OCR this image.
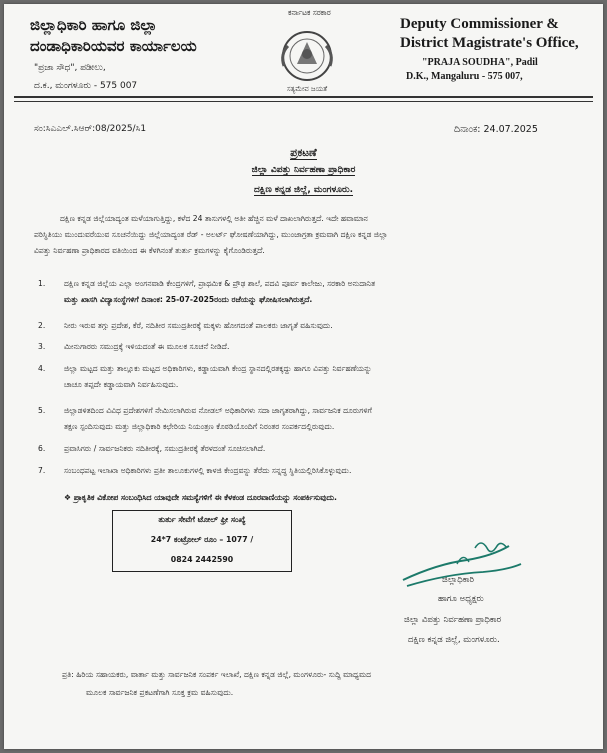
ಜಿಲ್ಲಾಧಿಕಾರಿ ಹಾಗೂ ಜಿಲ್ಲಾ
ದಂಡಾಧಿಕಾರಿಯವರ ಕಾರ್ಯಾಲಯ
"ಪ್ರಜಾ ಸೌಧ", ಪಡೀಲು,
ದ.ಕ., ಮಂಗಳೂರು - 575 007
ಕರ್ನಾಟಕ ಸರಕಾರ
ಸತ್ಯಮೇವ ಜಯತೆ
Deputy Commissioner &
District Magistrate's Office,
"PRAJA SOUDHA", Padil
D.K., Mangaluru - 575 007,
ಸಂ:ಸಿಎಎಲ್.ಸಿಆರ್:08/2025/ಸಿ1	ದಿನಾಂಕ: 24.07.2025
ಪ್ರಕಟಣೆ
ಜಿಲ್ಲಾ ವಿಪತ್ತು ನಿರ್ವಹಣಾ ಪ್ರಾಧಿಕಾರ
ದಕ್ಷಿಣ ಕನ್ನಡ ಜಿಲ್ಲೆ, ಮಂಗಳೂರು.
ದಕ್ಷಿಣ ಕನ್ನಡ ಜಿಲ್ಲೆಯಾದ್ಯಂತ ಮಳೆಯಾಗುತ್ತಿದ್ದು, ಕಳೆದ 24 ತಾಸುಗಳಲ್ಲಿ ಅತೀ ಹೆಚ್ಚಿನ ಮಳೆ ದಾಖಲಾಗಿರುತ್ತದೆ. ಇದೇ ಹವಾಮಾನ
ಪರಿಸ್ಥಿತಿಯು ಮುಂದುವರೆಯುವ ಸೂಚನೆಯಿದ್ದು ಜಿಲ್ಲೆಯಾದ್ಯಂತ ರೆಡ್ - ಅಲರ್ಟ್ ಘೋಷಣೆಯಾಗಿದ್ದು, ಮುಂಜಾಗ್ರತಾ ಕ್ರಮವಾಗಿ ದಕ್ಷಿಣ ಕನ್ನಡ ಜಿಲ್ಲಾ
ವಿಪತ್ತು ನಿರ್ವಹಣಾ ಪ್ರಾಧಿಕಾರದ ವತಿಯಿಂದ ಈ ಕೆಳಗಿನಂತೆ ತುರ್ತು ಕ್ರಮಗಳನ್ನು ಕೈಗೊಂಡಿರುತ್ತದೆ.
1.	ದಕ್ಷಿಣ ಕನ್ನಡ ಜಿಲ್ಲೆಯ ಎಲ್ಲಾ ಅಂಗನವಾಡಿ ಕೇಂದ್ರಗಳಿಗೆ, ಪ್ರಾಥಮಿಕ & ಪ್ರೌಢ ಶಾಲೆ, ಪದವಿ ಪೂರ್ವ ಕಾಲೇಜು, ಸರಕಾರಿ ಅನುದಾನಿತ
ಮತ್ತು ಖಾಸಗಿ ವಿದ್ಯಾಸಂಸ್ಥೆಗಳಿಗೆ ದಿನಾಂಕ: 25-07-2025ರಂದು ರಜೆಯನ್ನು ಘೋಷಿಸಲಾಗಿರುತ್ತದೆ.
2.	ನೀರು ಇರುವ ತಗ್ಗು ಪ್ರದೇಶ, ಕೆರೆ, ನದಿತೀರ ಸಮುದ್ರತೀರಕ್ಕೆ ಮಕ್ಕಳು ಹೋಗದಂತೆ ಪಾಲಕರು ಜಾಗೃತೆ ವಹಿಸುವುದು.
3.	ಮೀನುಗಾರರು ಸಮುದ್ರಕ್ಕೆ ಇಳಿಯದಂತೆ ಈ ಮೂಲಕ ಸೂಚನೆ ನೀಡಿದೆ.
4.	ಜಿಲ್ಲಾ ಮಟ್ಟದ ಮತ್ತು ತಾಲ್ಲೂಕು ಮಟ್ಟದ ಅಧಿಕಾರಿಗಳು, ಕಡ್ಡಾಯವಾಗಿ ಕೇಂದ್ರ ಸ್ಥಾನದಲ್ಲಿರತಕ್ಕದ್ದು ಹಾಗೂ ವಿಪತ್ತು ನಿರ್ವಹಣೆಯನ್ನು
ಚಾಚೂ ತಪ್ಪದೇ ಕಡ್ಡಾಯವಾಗಿ ನಿರ್ವಹಿಸುವುದು.
5.	ಜಿಲ್ಲಾಡಳಿತದಿಂದ ವಿವಿಧ ಪ್ರದೇಶಗಳಿಗೆ ನೇಮಿಸಲಾಗಿರುವ ನೋಡಲ್ ಅಧಿಕಾರಿಗಳು ಸದಾ ಜಾಗೃತರಾಗಿದ್ದು, ಸಾರ್ವಜನಿಕ ದೂರುಗಳಿಗೆ
ತಕ್ಷಣ ಸ್ಪಂದಿಸುವುದು ಮತ್ತು ಜಿಲ್ಲಾಧಿಕಾರಿ ಕಛೇರಿಯ ನಿಯಂತ್ರಣ ಕೊಠಡಿಯೊಂದಿಗೆ ನಿರಂತರ ಸಂಪರ್ಕದಲ್ಲಿರುವುದು.
6.	ಪ್ರವಾಸಿಗರು / ಸಾರ್ವಜನಿಕರು ನದಿತೀರಕ್ಕೆ, ಸಮುದ್ರತೀರಕ್ಕೆ ತೆರಳದಂತೆ ಸೂಚಿಸಲಾಗಿದೆ.
7.	ಸಂಬಂಧಪಟ್ಟ ಇಲಾಖಾ ಅಧಿಕಾರಿಗಳು ಪ್ರತೀ ತಾಲೂಕುಗಳಲ್ಲಿ ಕಾಳಜಿ ಕೇಂದ್ರವನ್ನು ತೆರೆದು ಸನ್ನದ್ಧ ಸ್ಥಿತಿಯಲ್ಲಿರಿಸಿಕೊಳ್ಳುವುದು.
❖ ಪ್ರಾಕೃತಿಕ ವಿಕೋಪ ಸಂಬಂಧಿಸಿದ ಯಾವುದೇ ಸಮಸ್ಯೆಗಳಿಗೆ ಈ ಕೆಳಕಂಡ ದೂರವಾಣಿಯನ್ನು ಸಂಪರ್ಕಿಸುವುದು.
ತುರ್ತು ಸೇವೆಗೆ ಟೋಲ್ ಫ್ರೀ ಸಂಖ್ಯೆ
24*7 ಕಂಟ್ರೋಲ್ ರೂಂ – 1077 /
0824 2442590
ಜಿಲ್ಲಾಧಿಕಾರಿ
ಹಾಗೂ ಅಧ್ಯಕ್ಷರು
ಜಿಲ್ಲಾ ವಿಪತ್ತು ನಿರ್ವಹಣಾ ಪ್ರಾಧಿಕಾರ
ದಕ್ಷಿಣ ಕನ್ನಡ ಜಿಲ್ಲೆ, ಮಂಗಳೂರು.
ಪ್ರತಿ: ಹಿರಿಯ ಸಹಾಯಕರು, ವಾರ್ತಾ ಮತ್ತು ಸಾರ್ವಜನಿಕ ಸಂಪರ್ಕ ಇಲಾಖೆ, ದಕ್ಷಿಣ ಕನ್ನಡ ಜಿಲ್ಲೆ, ಮಂಗಳೂರು- ಸುದ್ದಿ ಮಾಧ್ಯಮದ
ಮೂಲಕ ಸಾರ್ವಜನಿಕ ಪ್ರಕಟಣೆಗಾಗಿ ಸೂಕ್ತ ಕ್ರಮ ವಹಿಸುವುದು.
